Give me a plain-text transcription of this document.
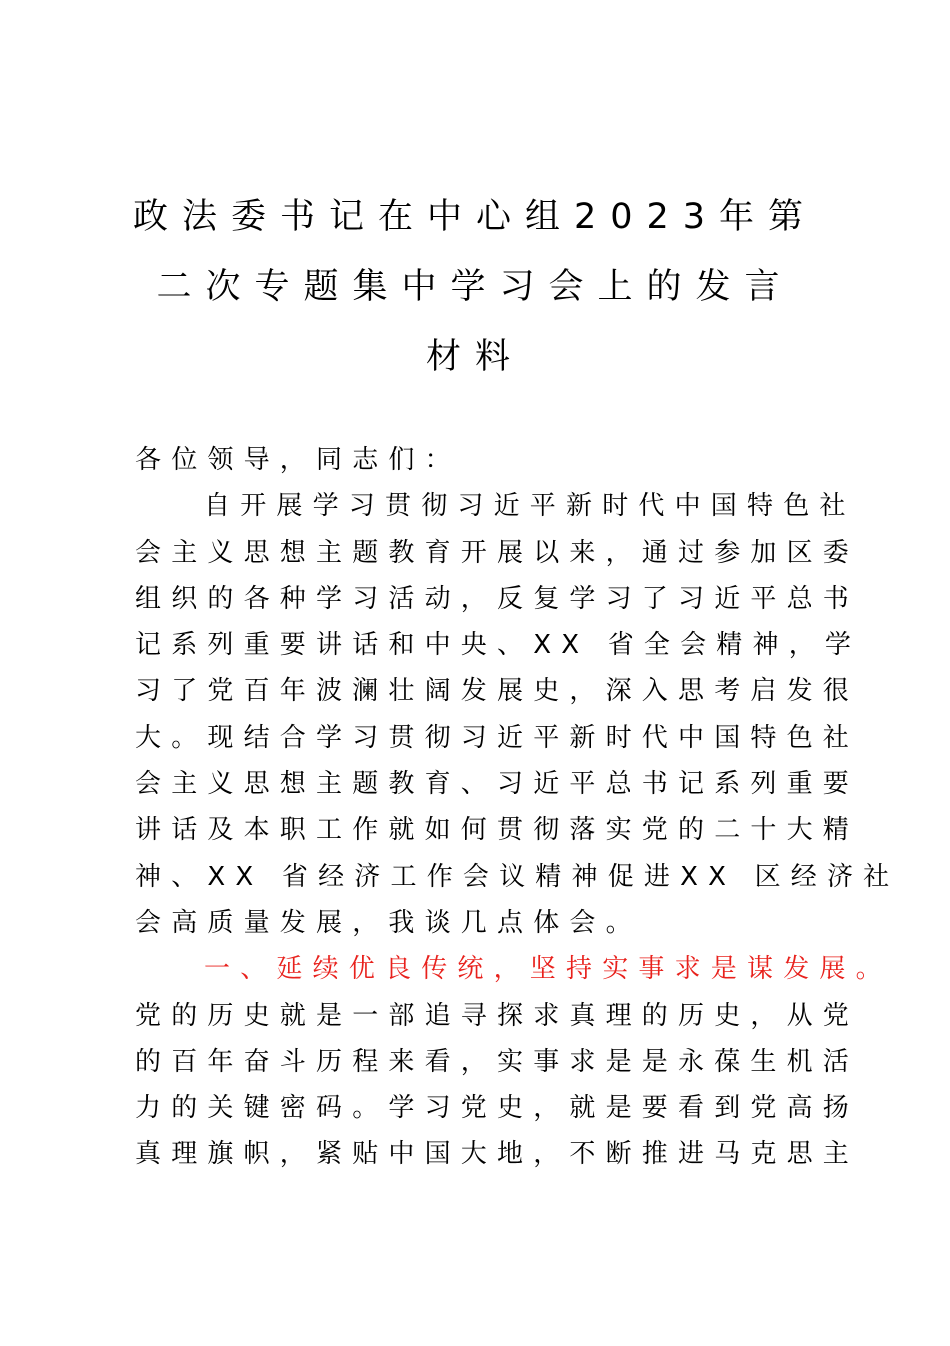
政法委书记在中心组2023年第
二次专题集中学习会上的发言
材料
各位领导，同志们：
自开展学习贯彻习近平新时代中国特色社
会主义思想主题教育开展以来，通过参加区委
组织的各种学习活动，反复学习了习近平总书
记系列重要讲话和中央、XX 省全会精神，学
习了党百年波澜壮阔发展史，深入思考启发很
大。现结合学习贯彻习近平新时代中国特色社
会主义思想主题教育、习近平总书记系列重要
讲话及本职工作就如何贯彻落实党的二十大精
神、XX 省经济工作会议精神促进XX 区经济社
会高质量发展，我谈几点体会。
一、延续优良传统，坚持实事求是谋发展。
党的历史就是一部追寻探求真理的历史，从党
的百年奋斗历程来看，实事求是是永葆生机活
力的关键密码。学习党史，就是要看到党高扬
真理旗帜，紧贴中国大地，不断推进马克思主
